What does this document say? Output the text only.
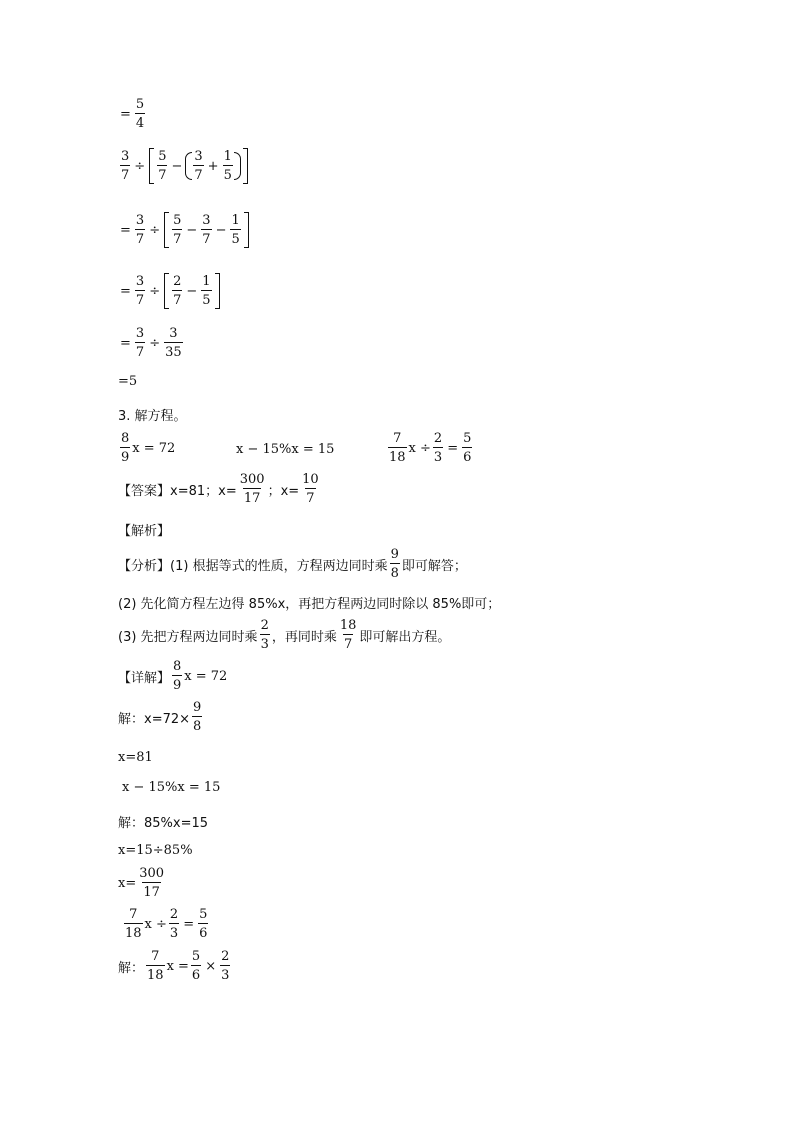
= $\frac{5}{4}$
$\frac{3}{7} \div \frac{5}{7} - \frac{3}{7} + \frac{1}{5}$
= $\frac{3}{7} \div \frac{5}{7} - \frac{3}{7} - \frac{1}{5}$
= $\frac{3}{7} \div \frac{2}{7} - \frac{1}{5}$
= $\frac{3}{7} \div \frac{3}{35}$
=5
3. 解方程。
$\frac{8}{9}$ x = 72	x − 15%x = 15	$\frac{7}{18}$ $x \div \frac{2}{3} = \frac{5}{6}$
【答案】 x=81；$x= \frac{300}{17}$ ；$x= \frac{10}{7}$
【解析】
【分析】 (1) 根据等式的性质，方程两边同时乘 $\frac{9}{8}$ 即可解答；
(2) 先化简方程左边得 85%x，再把方程两边同时除以 85%即可；
(3) 先把方程两边同时乘 $\frac{2}{3}$ ，再同时乘 $\frac{18}{7}$ 即可解出方程。
【详解】 $\frac{8}{9}$ x = 72
解：$x=72\times \frac{9}{8}$
x=81
x − 15%x = 15
解：85%x=15
x=15÷85%
$x= \frac{300}{17}$
$\frac{7}{18}$ $x \div \frac{2}{3} = \frac{5}{6}$
解： $\frac{7}{18}$ $x = \frac{5}{6} \times \frac{2}{3}$
